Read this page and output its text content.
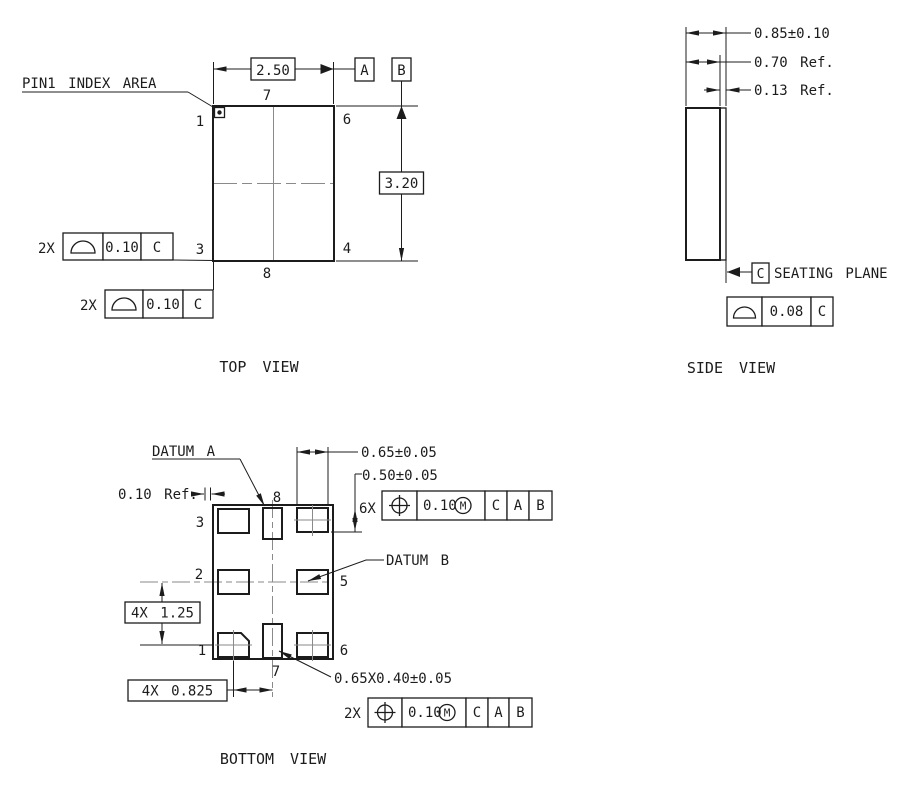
PIN1 INDEX AREA
2.50	A B
3.20
7
1	6
3	4
8
2X	0.10 C
2X	0.10 C
TOP VIEW
0.85±0.10
0.70 Ref.
0.13 Ref.
C SEATING PLANE
0.08 C
SIDE VIEW
3
8
2	5
1
7
6
DATUM A
DATUM B
0.10 Ref.
0.65±0.05
0.50±0.05
6X	0.10 M C A B
4X 1.25
4X 0.825
0.65X0.40±0.05
2X	0.10 M C A B
BOTTOM VIEW
